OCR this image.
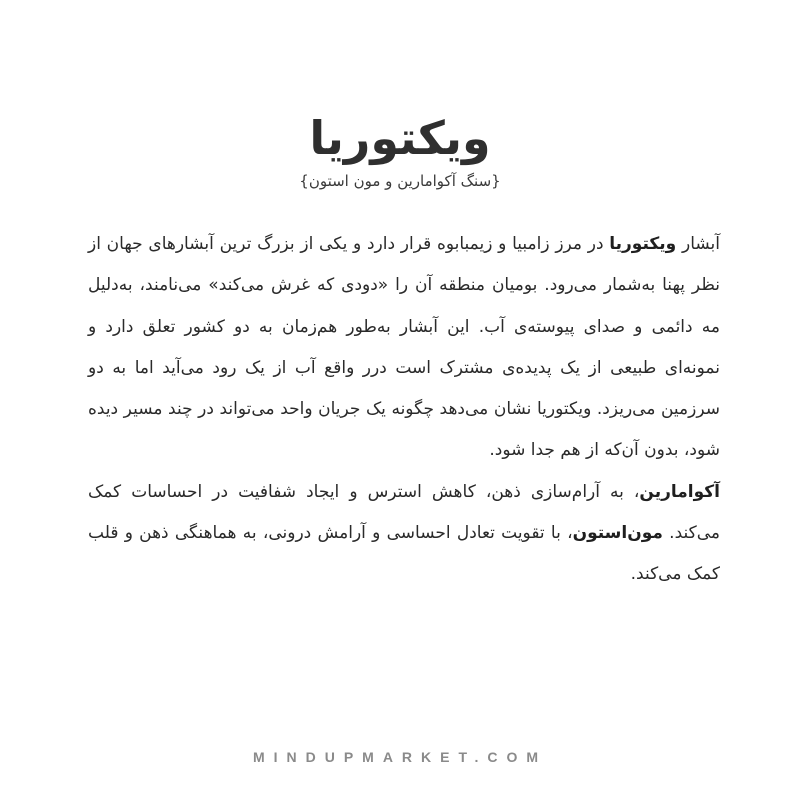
ویکتوریا
{سنگ آکوامارین و مون استون}

آبشار ویکتوریا در مرز زامبیا و زیمبابوه قرار دارد و یکی از بزرگ ترین آبشارهای جهان از نظر پهنا به‌شمار می‌رود. بومیان منطقه آن را «دودی که غرش می‌کند» می‌نامند، به‌دلیل مه دائمی و صدای پیوسته‌ی آب. این آبشار به‌طور هم‌زمان به دو کشور تعلق دارد و نمونه‌ای طبیعی از یک پدیده‌ی مشترک است درر واقع آب از یک رود می‌آید اما به دو سرزمین می‌ریزد. ویکتوریا نشان می‌دهد چگونه یک جریان واحد می‌تواند در چند مسیر دیده شود، بدون آن‌که از هم جدا شود.

آکوامارین، به آرام‌سازی ذهن، کاهش استرس و ایجاد شفافیت در احساسات کمک می‌کند. مون‌استون، با تقویت تعادل احساسی و آرامش درونی، به هماهنگی ذهن و قلب کمک می‌کند.

MINDUPMARKET.COM
